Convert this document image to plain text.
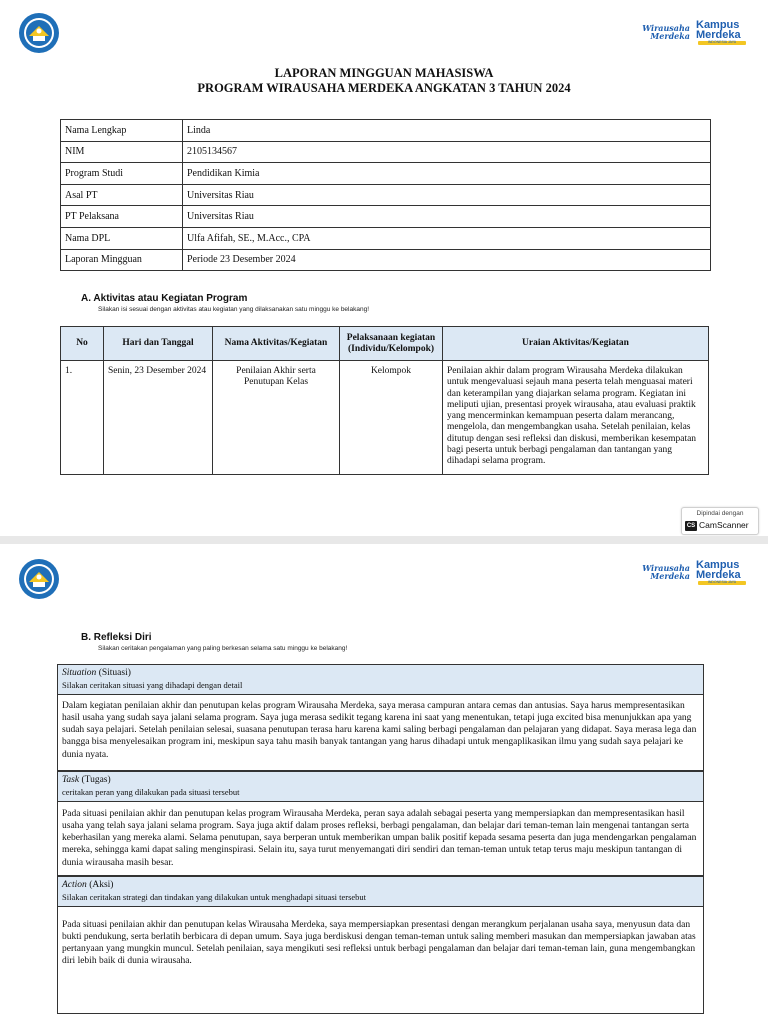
Wirausaha
Merdeka
Kampus
Merdeka
INDONESIA JAYA
LAPORAN MINGGUAN MAHASISWA
PROGRAM WIRAUSAHA MERDEKA ANGKATAN 3 TAHUN 2024
Nama Lengkap	Linda
NIM	2105134567
Program Studi	Pendidikan Kimia
Asal PT	Universitas Riau
PT Pelaksana	Universitas Riau
Nama DPL	Ulfa Afifah, SE., M.Acc., CPA
Laporan Mingguan	Periode 23 Desember 2024
A. Aktivitas atau Kegiatan Program
Silakan isi sesuai dengan aktivitas atau kegiatan yang dilaksanakan satu minggu ke belakang!
No	Hari dan Tanggal	Nama Aktivitas/Kegiatan	Pelaksanaan kegiatan (Individu/Kelompok)	Uraian Aktivitas/Kegiatan
1.	Senin, 23 Desember 2024	Penilaian Akhir serta Penutupan Kelas	Kelompok	Penilaian akhir dalam program Wirausaha Merdeka dilakukan untuk mengevaluasi sejauh mana peserta telah menguasai materi dan keterampilan yang diajarkan selama program. Kegiatan ini meliputi ujian, presentasi proyek wirausaha, atau evaluasi praktik yang mencerminkan kemampuan peserta dalam merancang, mengelola, dan mengembangkan usaha. Setelah penilaian, kelas ditutup dengan sesi refleksi dan diskusi, memberikan kesempatan bagi peserta untuk berbagi pengalaman dan tantangan yang dihadapi selama program.
Dipindai dengan
CS CamScanner
Wirausaha
Merdeka
Kampus
Merdeka
INDONESIA JAYA
B. Refleksi Diri
Silakan ceritakan pengalaman yang paling berkesan selama satu minggu ke belakang!
Situation (Situasi)
Silakan ceritakan situasi yang dihadapi dengan detail
Dalam kegiatan penilaian akhir dan penutupan kelas program Wirausaha Merdeka, saya merasa campuran antara cemas dan antusias. Saya harus mempresentasikan hasil usaha yang sudah saya jalani selama program. Saya juga merasa sedikit tegang karena ini saat yang menentukan, tetapi juga excited bisa menunjukkan apa yang sudah saya pelajari. Setelah penilaian selesai, suasana penutupan terasa haru karena kami saling berbagi pengalaman dan pelajaran yang didapat. Saya merasa lega dan bangga bisa menyelesaikan program ini, meskipun saya tahu masih banyak tantangan yang harus dihadapi untuk mengaplikasikan ilmu yang sudah saya pelajari ke dunia nyata.
Task (Tugas)
ceritakan peran yang dilakukan pada situasi tersebut
Pada situasi penilaian akhir dan penutupan kelas program Wirausaha Merdeka, peran saya adalah sebagai peserta yang mempersiapkan dan mempresentasikan hasil usaha yang telah saya jalani selama program. Saya juga aktif dalam proses refleksi, berbagi pengalaman, dan belajar dari teman-teman lain mengenai tantangan serta keberhasilan yang mereka alami. Selama penutupan, saya berperan untuk memberikan umpan balik positif kepada sesama peserta dan juga mendengarkan pengalaman mereka, sehingga kami dapat saling menginspirasi. Selain itu, saya turut menyemangati diri sendiri dan teman-teman untuk tetap terus maju meskipun tantangan di dunia wirausaha masih besar.
Action (Aksi)
Silakan ceritakan strategi dan tindakan yang dilakukan untuk menghadapi situasi tersebut
Pada situasi penilaian akhir dan penutupan kelas Wirausaha Merdeka, saya mempersiapkan presentasi dengan merangkum perjalanan usaha saya, menyusun data dan bukti pendukung, serta berlatih berbicara di depan umum. Saya juga berdiskusi dengan teman-teman untuk saling memberi masukan dan mempersiapkan jawaban atas pertanyaan yang mungkin muncul. Setelah penilaian, saya mengikuti sesi refleksi untuk berbagi pengalaman dan belajar dari teman-teman lain, guna mengembangkan diri lebih baik di dunia wirausaha.
